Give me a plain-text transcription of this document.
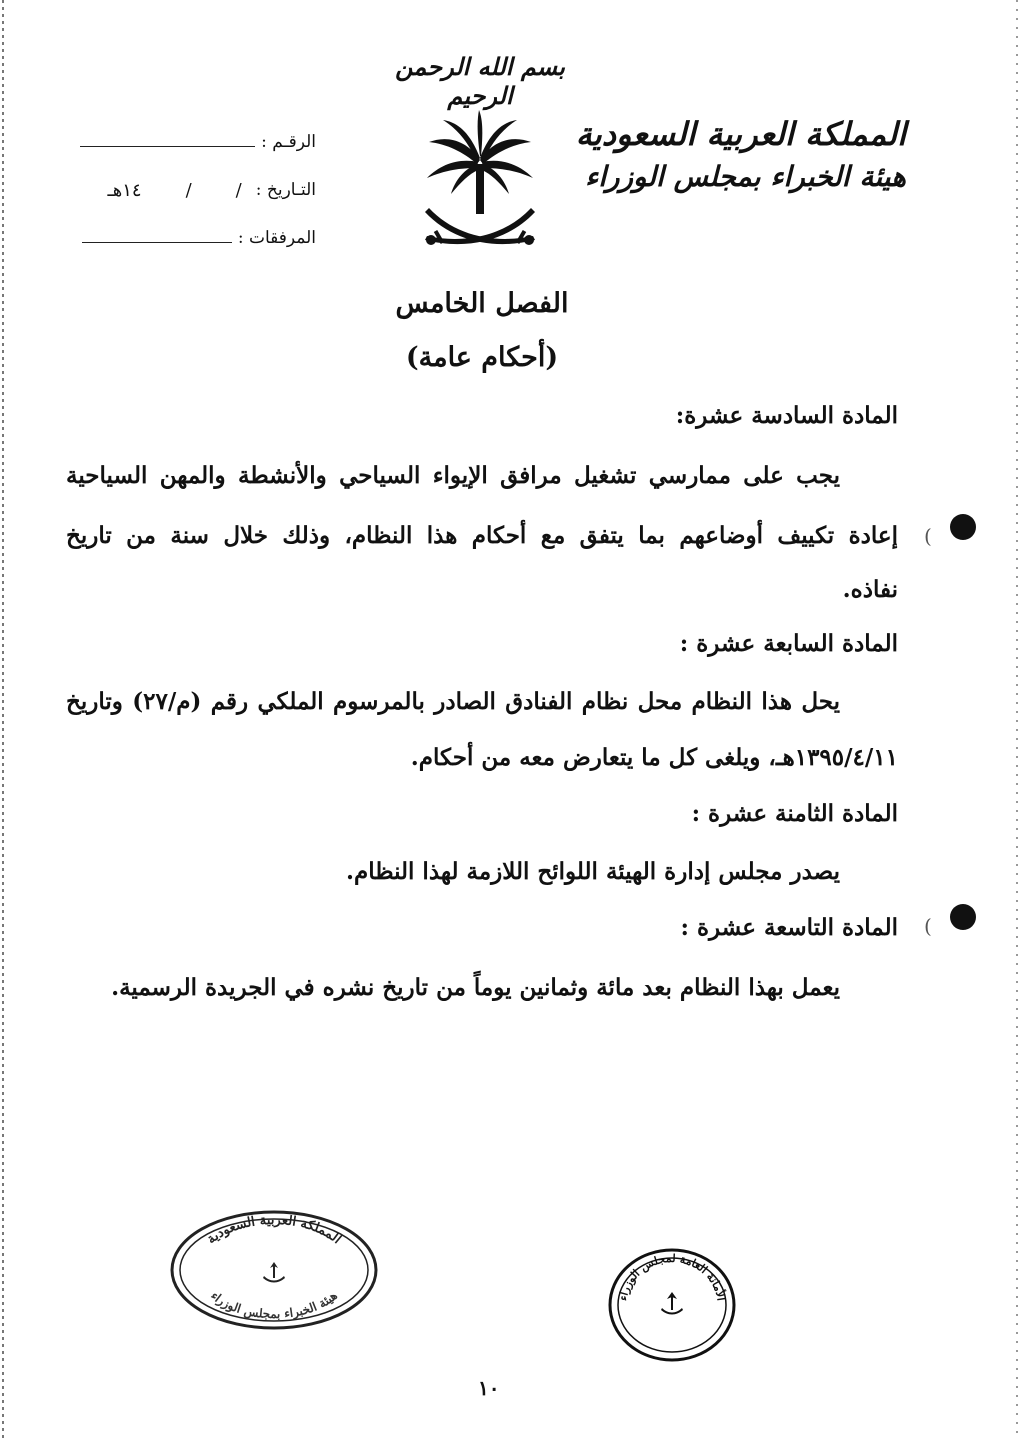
بسم الله الرحمن الرحيم
المملكة العربية السعودية
هيئة الخبراء بمجلس الوزراء
الرقـم :
التـاريخ :
/
/
١٤هـ
المرفقات :
الفصل الخامس
(أحكام عامة)
المادة السادسة عشرة:
يجب على ممارسي تشغيل مرافق الإيواء السياحي والأنشطة والمهن السياحية
إعادة تكييف أوضاعهم بما يتفق مع أحكام هذا النظام، وذلك خلال سنة من تاريخ
نفاذه.
المادة السابعة عشرة :
يحل هذا النظام محل نظام الفنادق الصادر بالمرسوم الملكي رقم (م/٢٧) وتاريخ
١٣٩٥/٤/١١هـ، ويلغى كل ما يتعارض معه من أحكام.
المادة الثامنة عشرة :
يصدر مجلس إدارة الهيئة اللوائح اللازمة لهذا النظام.
المادة التاسعة عشرة :
يعمل بهذا النظام بعد مائة وثمانين يوماً من تاريخ نشره في الجريدة الرسمية.
)
)
المملكة العربية السعودية
هيئة الخبراء بمجلس الوزراء	الأمانة العامة لمجلس الوزراء
١٠
